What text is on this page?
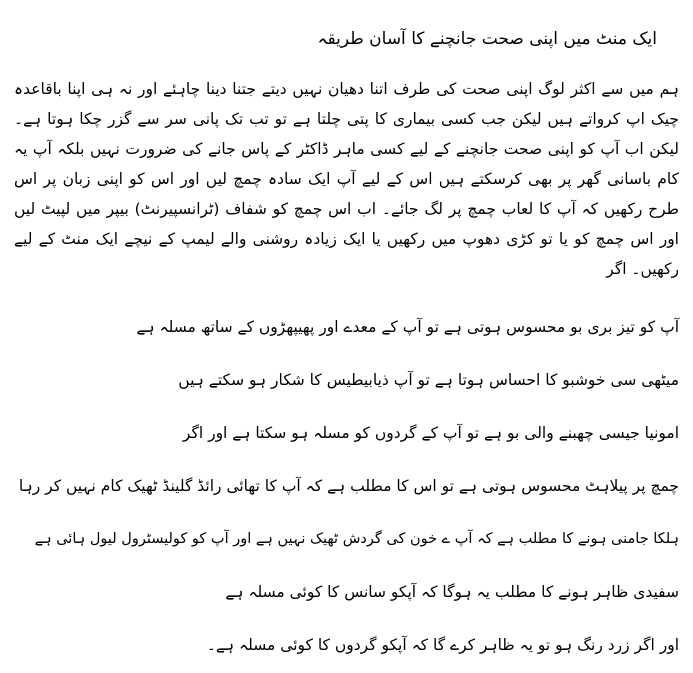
ایک منٹ میں اپنی صحت جانچنے کا آسان طریقہ
ہم میں سے اکثر لوگ اپنی صحت کی طرف اتنا دھیان نہیں دیتے جتنا دینا چاہئے اور نہ ہی اپنا باقاعدہ چیک اپ کرواتے ہیں لیکن جب کسی بیماری کا پتی چلتا ہے تو تب تک پانی سر سے گزر چکا ہوتا ہے۔ لیکن اب آپ کو اپنی صحت جانچنے کے لیے کسی ماہر ڈاکٹر کے پاس جانے کی ضرورت نہیں بلکہ آپ یہ کام باسانی گھر پر بھی کرسکتے ہیں اس کے لیے آپ ایک سادہ چمچ لیں اور اس کو اپنی زبان پر اس طرح رکھیں کہ آپ کا لعاب چمچ پر لگ جائے۔ اب اس چمچ کو شفاف (ٹرانسپیرنٹ) بیپر میں لپیٹ لیں اور اس چمچ کو یا تو کڑی دھوپ میں رکھیں یا ایک زیادہ روشنی والے لیمپ کے نیچے ایک منٹ کے لیے رکھیں۔ اگر
آپ کو تیز بری بو محسوس ہوتی ہے تو آپ کے معدے اور پھیپھڑوں کے ساتھ مسلہ ہے
میٹھی سی خوشبو کا احساس ہوتا ہے تو آپ ذیابیطیس کا شکار ہو سکتے ہیں
امونیا جیسی چھبنے والی بو ہے تو آپ کے گردوں کو مسلہ ہو سکتا ہے اور اگر
چمچ پر پیلاہٹ محسوس ہوتی ہے تو اس کا مطلب ہے کہ آپ کا تھائی رائڈ گلینڈ ٹھیک کام نہیں کر رہا
ہلکا جامنی ہونے کا مطلب ہے کہ آپ ے خون کی گردش ٹھیک نہیں ہے اور آپ کو کولیسٹرول لیول ہائی ہے
سفیدی ظاہر ہونے کا مطلب یہ ہوگا کہ آپکو سانس کا کوئی مسلہ ہے
اور اگر زرد رنگ ہو تو یہ ظاہر کرے گا کہ آپکو گردوں کا کوئی مسلہ ہے۔
